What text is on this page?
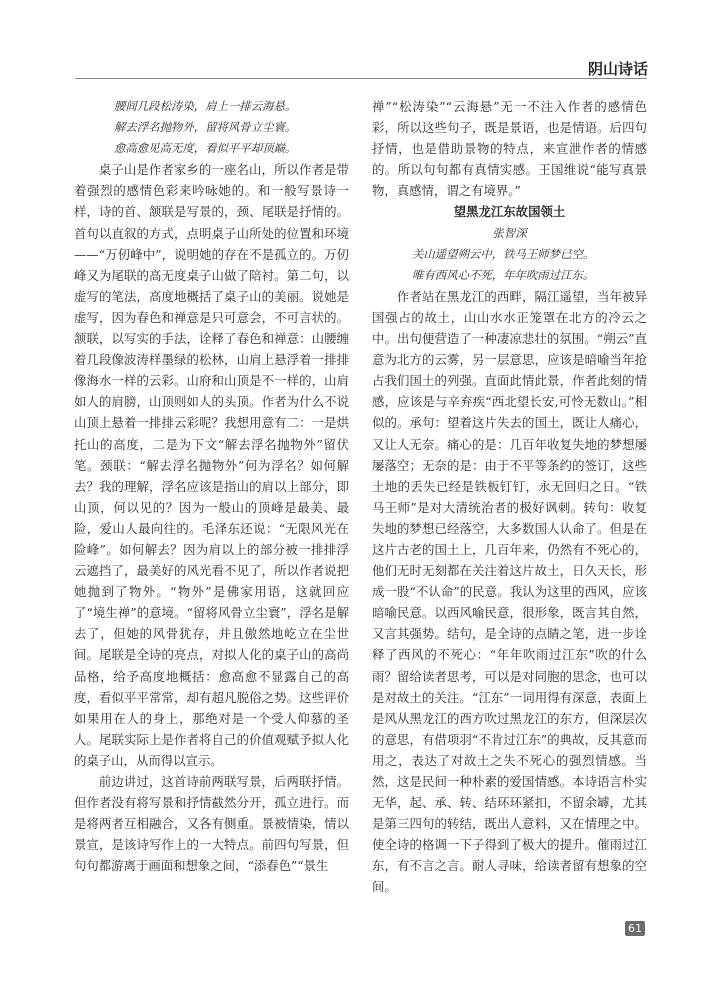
阴山诗话

腰间几段松涛染，肩上一排云海悬。

解去浮名抛物外，留将风骨立尘寰。

愈高愈见高无度，看似平平却顶巅。

桌子山是作者家乡的一座名山，所以作者是带着强烈的感情色彩来吟咏她的。和一般写景诗一样，诗的首、颔联是写景的，颈、尾联是抒情的。首句以直叙的方式，点明桌子山所处的位置和环境——“万仞峰中”，说明她的存在不是孤立的。万仞峰又为尾联的高无度桌子山做了陪衬。第二句，以虚写的笔法，高度地概括了桌子山的美丽。说她是虚写，因为春色和禅意是只可意会，不可言状的。颔联，以写实的手法，诠释了春色和禅意：山腰缠着几段像波涛样墨绿的松林，山肩上悬浮着一排排像海水一样的云彩。山府和山顶是不一样的，山肩如人的肩膀，山顶则如人的头顶。作者为什么不说山顶上悬着一排排云彩呢？我想用意有二：一是烘托山的高度，二是为下文“解去浮名抛物外”留伏笔。颈联：“解去浮名抛物外”何为浮名？如何解去？我的理解，浮名应该是指山的肩以上部分，即山顶，何以见的？因为一般山的顶峰是最美、最险，爱山人最向往的。毛泽东还说：“无限风光在险峰”。如何解去？因为肩以上的部分被一排排浮云遮挡了，最美好的风光看不见了，所以作者说把她抛到了物外。“物外”是佛家用语，这就回应了“境生禅”的意境。“留将风骨立尘寰”，浮名是解去了，但她的风骨犹存，并且傲然地屹立在尘世间。尾联是全诗的亮点，对拟人化的桌子山的高尚品格，给予高度地概括：愈高愈不显露自己的高度，看似平平常常，却有超凡脱俗之势。这些评价如果用在人的身上，那绝对是一个受人仰慕的圣人。尾联实际上是作者将自己的价值观赋予拟人化的桌子山，从而得以宣示。

前边讲过，这首诗前两联写景，后两联抒情。但作者没有将写景和抒情截然分开，孤立进行。而是将两者互相融合，又各有侧重。景被情染，情以景宣，是该诗写作上的一大特点。前四句写景，但句句都游离于画面和想象之间，“添春色”“景生

禅”“松涛染”“云海悬”无一不注入作者的感情色彩，所以这些句子，既是景语，也是情语。后四句抒情，也是借助景物的特点，来宣泄作者的情感的。所以句句都有真情实感。王国维说“能写真景物，真感情，谓之有境界。”

望黑龙江东故国领土

张智深

关山遥望朔云中，铁马王师梦已空。

唯有西风心不死，年年吹雨过江东。

作者站在黑龙江的西畔，隔江遥望，当年被异国强占的故土，山山水水正笼罩在北方的冷云之中。出句便营造了一种凄凉悲壮的氛围。“朔云”直意为北方的云雾，另一层意思，应该是暗喻当年抢占我们国土的列强。直面此情此景，作者此刻的情感，应该是与辛弃疾“西北望长安,可怜无数山。”相似的。承句：望着这片失去的国土，既让人痛心，又让人无奈。痛心的是：几百年收复失地的梦想屡屡落空；无奈的是：由于不平等条约的签订，这些土地的丢失已经是铁板钉钉，永无回归之日。“铁马王师”是对大清统治者的极好讽刺。转句：收复失地的梦想已经落空，大多数国人认命了。但是在这片古老的国土上，几百年来，仍然有不死心的，他们无时无刻都在关注着这片故土，日久天长，形成一股“不认命”的民意。我认为这里的西风，应该暗喻民意。以西风喻民意，很形象，既言其自然，又言其强势。结句，是全诗的点睛之笔，进一步诠释了西风的不死心：“年年吹雨过江东”吹的什么雨？留给读者思考，可以是对同胞的思念，也可以是对故土的关注。“江东”一词用得有深意，表面上是风从黑龙江的西方吹过黑龙江的东方，但深层次的意思，有借项羽“不肯过江东”的典故，反其意而用之，表达了对故土之失不死心的强烈情感。当然，这是民间一种朴素的爱国情感。本诗语言朴实无华，起、承、转、结环环紧扣，不留余罅，尤其是第三四句的转结，既出人意料，又在情理之中。使全诗的格调一下子得到了极大的提升。催雨过江东，有不言之言。耐人寻味，给读者留有想象的空间。

61
